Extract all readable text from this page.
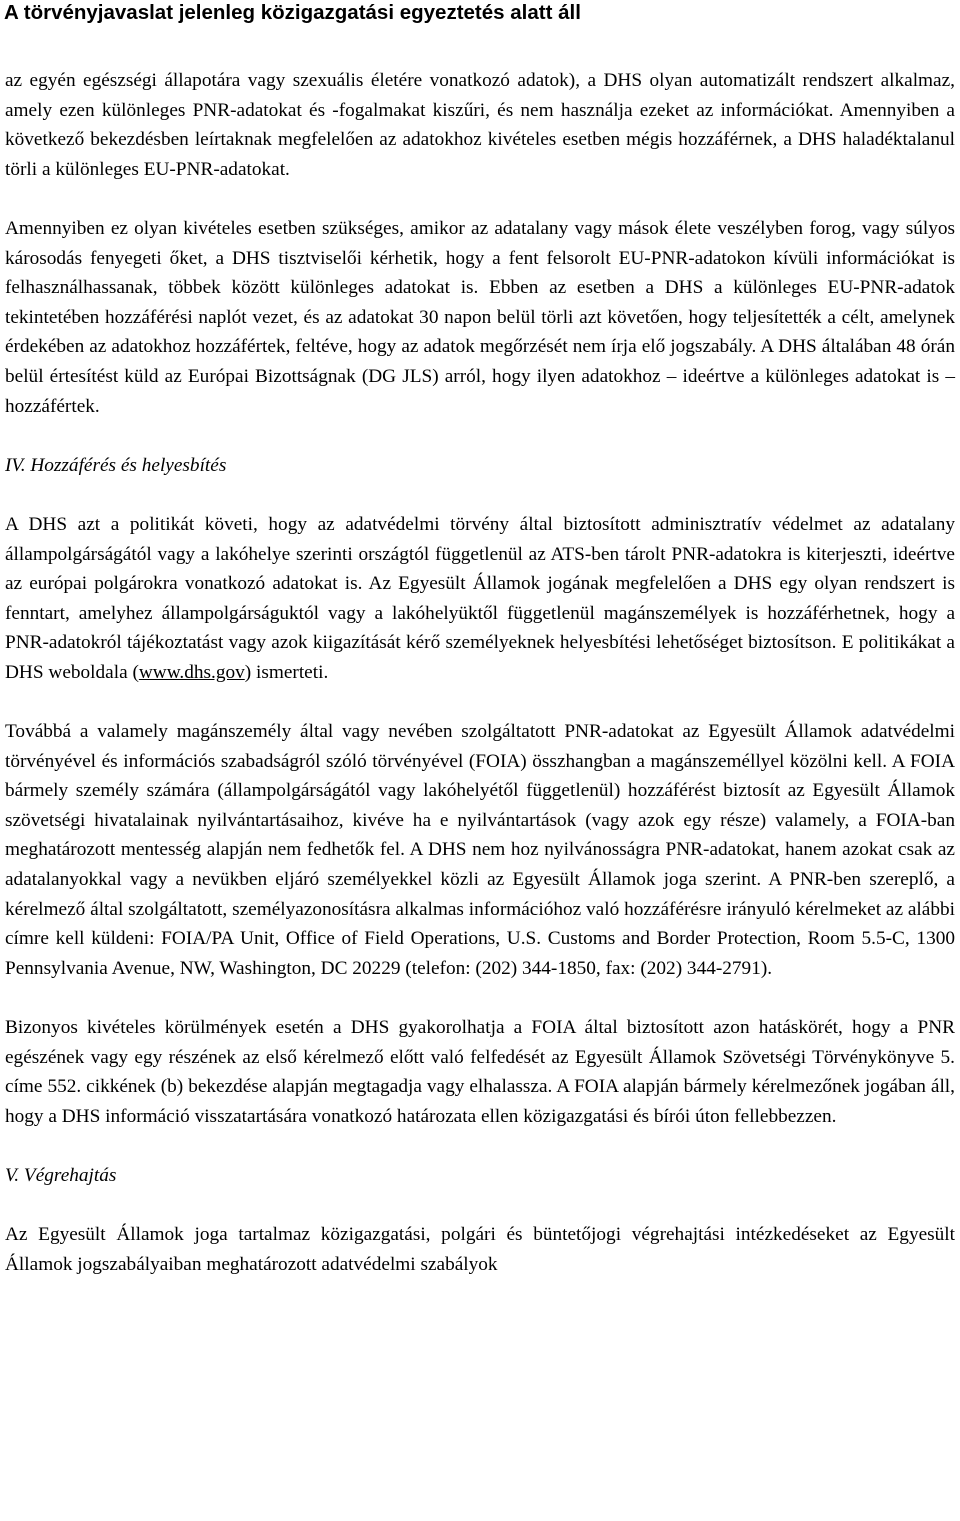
A törvényjavaslat jelenleg közigazgatási egyeztetés alatt áll

az egyén egészségi állapotára vagy szexuális életére vonatkozó adatok), a DHS olyan automatizált rendszert alkalmaz, amely ezen különleges PNR-adatokat és -fogalmakat kiszűri, és nem használja ezeket az információkat. Amennyiben a következő bekezdésben leírtaknak megfelelően az adatokhoz kivételes esetben mégis hozzáférnek, a DHS haladéktalanul törli a különleges EU-PNR-adatokat.

Amennyiben ez olyan kivételes esetben szükséges, amikor az adatalany vagy mások élete veszélyben forog, vagy súlyos károsodás fenyegeti őket, a DHS tisztviselői kérhetik, hogy a fent felsorolt EU-PNR-adatokon kívüli információkat is felhasználhassanak, többek között különleges adatokat is. Ebben az esetben a DHS a különleges EU-PNR-adatok tekintetében hozzáférési naplót vezet, és az adatokat 30 napon belül törli azt követően, hogy teljesítették a célt, amelynek érdekében az adatokhoz hozzáfértek, feltéve, hogy az adatok megőrzését nem írja elő jogszabály. A DHS általában 48 órán belül értesítést küld az Európai Bizottságnak (DG JLS) arról, hogy ilyen adatokhoz – ideértve a különleges adatokat is – hozzáfértek.

IV. Hozzáférés és helyesbítés

A DHS azt a politikát követi, hogy az adatvédelmi törvény által biztosított adminisztratív védelmet az adatalany állampolgárságától vagy a lakóhelye szerinti országtól függetlenül az ATS-ben tárolt PNR-adatokra is kiterjeszti, ideértve az európai polgárokra vonatkozó adatokat is. Az Egyesült Államok jogának megfelelően a DHS egy olyan rendszert is fenntart, amelyhez állampolgárságuktól vagy a lakóhelyüktől függetlenül magánszemélyek is hozzáférhetnek, hogy a PNR-adatokról tájékoztatást vagy azok kiigazítását kérő személyeknek helyesbítési lehetőséget biztosítson. E politikákat a DHS weboldala (www.dhs.gov) ismerteti.

Továbbá a valamely magánszemély által vagy nevében szolgáltatott PNR-adatokat az Egyesült Államok adatvédelmi törvényével és információs szabadságról szóló törvényével (FOIA) összhangban a magánszeméllyel közölni kell. A FOIA bármely személy számára (állampolgárságától vagy lakóhelyétől függetlenül) hozzáférést biztosít az Egyesült Államok szövetségi hivatalainak nyilvántartásaihoz, kivéve ha e nyilvántartások (vagy azok egy része) valamely, a FOIA-ban meghatározott mentesség alapján nem fedhetők fel. A DHS nem hoz nyilvánosságra PNR-adatokat, hanem azokat csak az adatalanyokkal vagy a nevükben eljáró személyekkel közli az Egyesült Államok joga szerint. A PNR-ben szereplő, a kérelmező által szolgáltatott, személyazonosításra alkalmas információhoz való hozzáférésre irányuló kérelmeket az alábbi címre kell küldeni: FOIA/PA Unit, Office of Field Operations, U.S. Customs and Border Protection, Room 5.5-C, 1300 Pennsylvania Avenue, NW, Washington, DC 20229 (telefon: (202) 344-1850, fax: (202) 344-2791).

Bizonyos kivételes körülmények esetén a DHS gyakorolhatja a FOIA által biztosított azon hatáskörét, hogy a PNR egészének vagy egy részének az első kérelmező előtt való felfedését az Egyesült Államok Szövetségi Törvénykönyve 5. címe 552. cikkének (b) bekezdése alapján megtagadja vagy elhalassza. A FOIA alapján bármely kérelmezőnek jogában áll, hogy a DHS információ visszatartására vonatkozó határozata ellen közigazgatási és bírói úton fellebbezzen.

V. Végrehajtás

Az Egyesült Államok joga tartalmaz közigazgatási, polgári és büntetőjogi végrehajtási intézkedéseket az Egyesült Államok jogszabályaiban meghatározott adatvédelmi szabályok
